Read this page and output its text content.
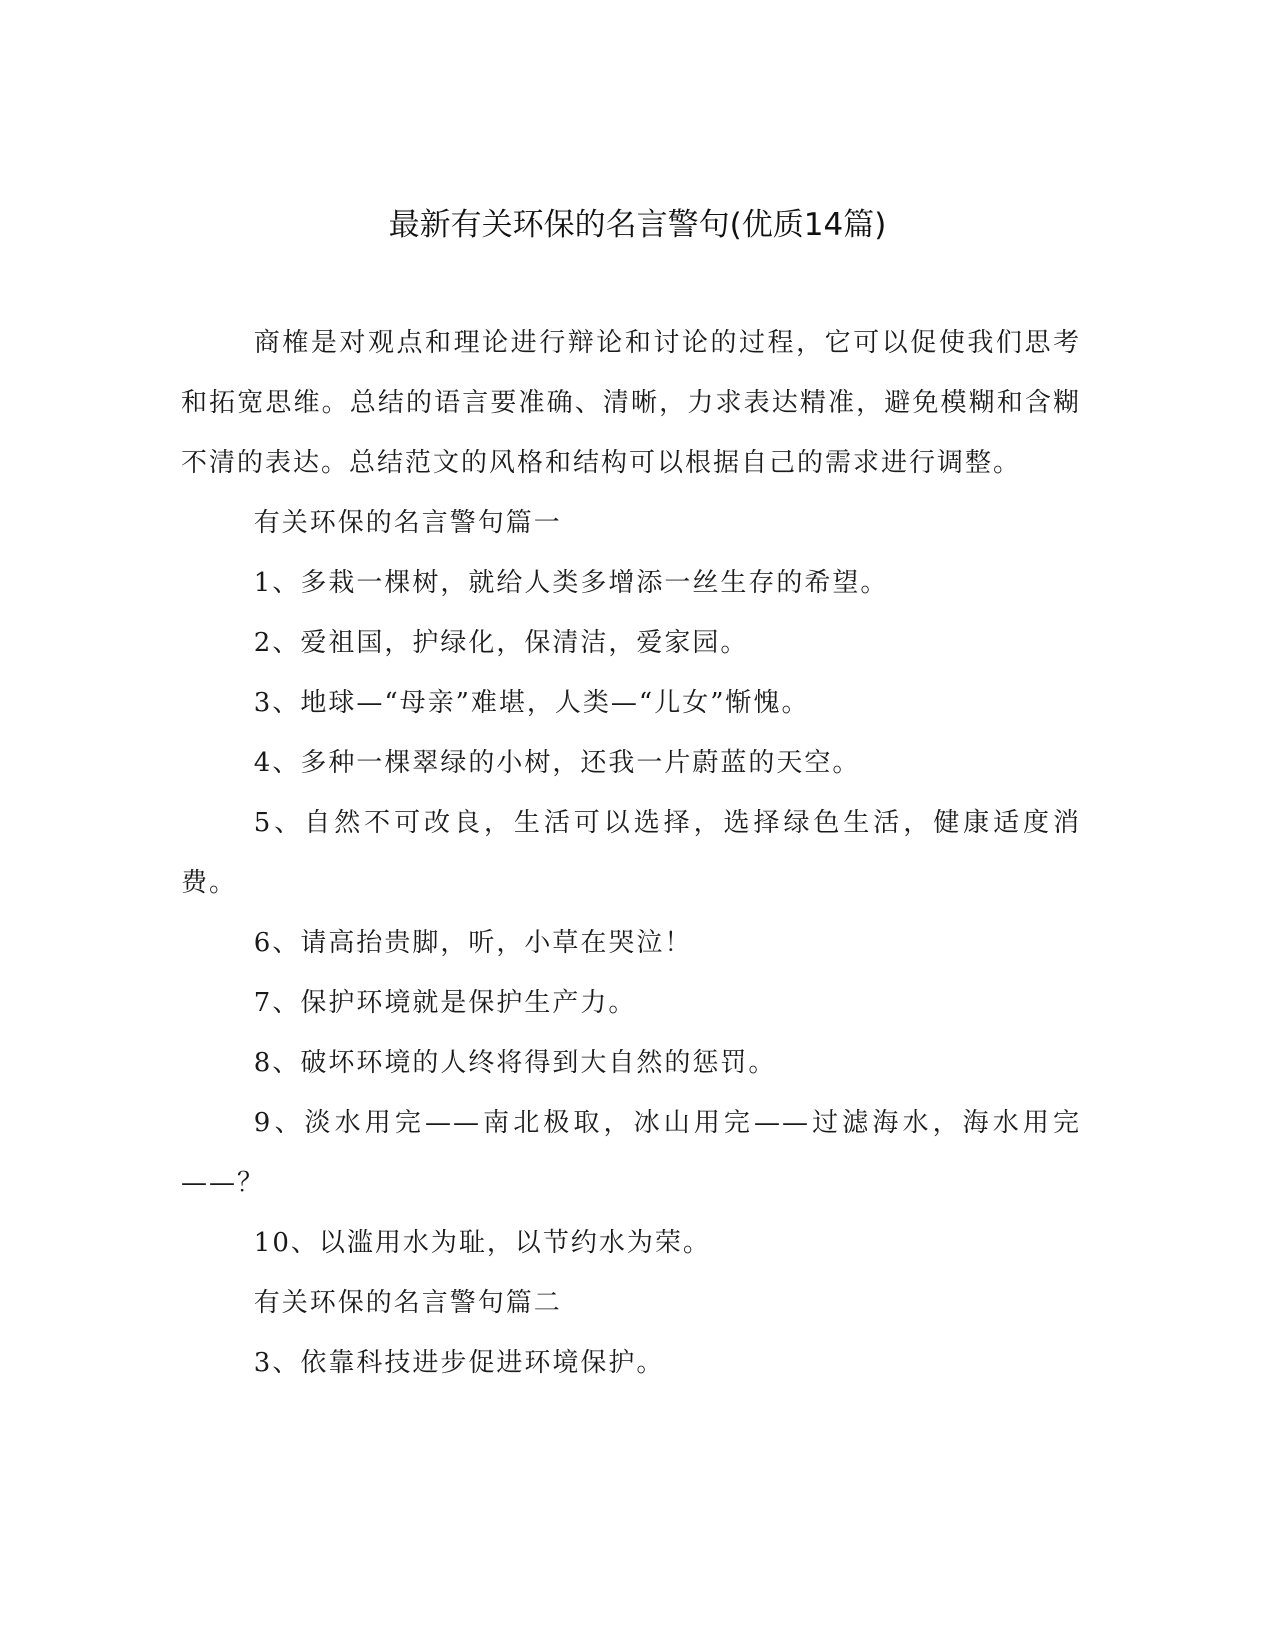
最新有关环保的名言警句(优质14篇)

商榷是对观点和理论进行辩论和讨论的过程，它可以促使我们思考和拓宽思维。总结的语言要准确、清晰，力求表达精准，避免模糊和含糊不清的表达。总结范文的风格和结构可以根据自己的需求进行调整。

有关环保的名言警句篇一

1、多栽一棵树，就给人类多增添一丝生存的希望。

2、爱祖国，护绿化，保清洁，爱家园。

3、地球—“母亲”难堪，人类—“儿女”惭愧。

4、多种一棵翠绿的小树，还我一片蔚蓝的天空。

5、自然不可改良，生活可以选择，选择绿色生活，健康适度消费。

6、请高抬贵脚，听，小草在哭泣！

7、保护环境就是保护生产力。

8、破坏环境的人终将得到大自然的惩罚。

9、淡水用完——南北极取，冰山用完——过滤海水，海水用完——？

10、以滥用水为耻，以节约水为荣。

有关环保的名言警句篇二

3、依靠科技进步促进环境保护。
